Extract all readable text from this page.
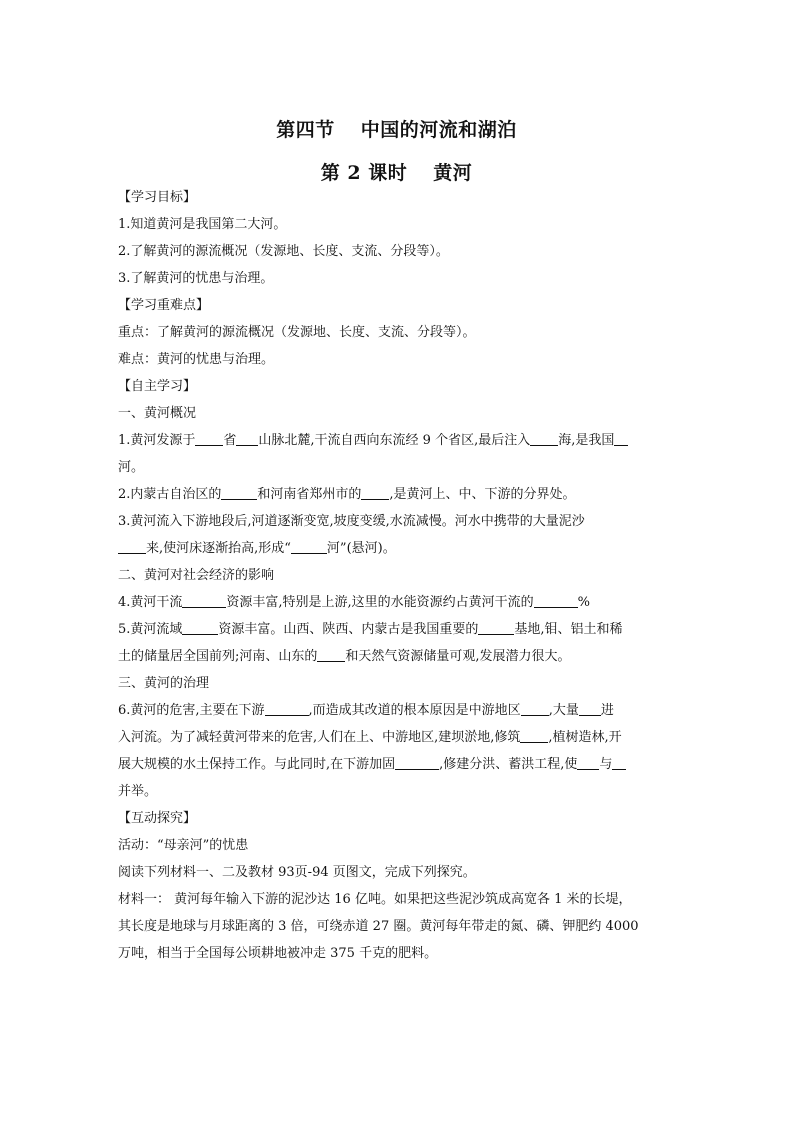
第四节 中国的河流和湖泊
第 2 课时 黄河

【学习目标】

1.知道黄河是我国第二大河。

2.了解黄河的源流概况（发源地、长度、支流、分段等）。

3.了解黄河的忧患与治理。

【学习重难点】

重点：了解黄河的源流概况（发源地、长度、支流、分段等）。

难点：黄河的忧患与治理。

【自主学习】

一、黄河概况

1.黄河发源于 省 山脉北麓,干流自西向东流经 9 个省区,最后注入 海,是我国

河。

2.内蒙古自治区的	和河南省郑州市的 ,是黄河上、中、下游的分界处。

3.黄河流入下游地段后,河道逐渐变宽,坡度变缓,水流减慢。河水中携带的大量泥沙

来,使河床逐渐抬高,形成“	河”(悬河)。

二、黄河对社会经济的影响

4.黄河干流	资源丰富,特别是上游,这里的水能资源约占黄河干流的	%

5.黄河流域	资源丰富。山西、陕西、内蒙古是我国重要的	基地,钼、铝土和稀

土的储量居全国前列;河南、山东的 和天然气资源储量可观,发展潜力很大。

三、黄河的治理

6.黄河的危害,主要在下游	,而造成其改道的根本原因是中游地区 ,大量 进

入河流。为了减轻黄河带来的危害,人们在上、中游地区,建坝淤地,修筑 ,植树造林,开

展大规模的水土保持工作。与此同时,在下游加固	,修建分洪、蓄洪工程,使 与

并举。

【互动探究】

活动：“母亲河”的忧患

阅读下列材料一、二及教材 93页-94 页图文，完成下列探究。

材料一： 黄河每年输入下游的泥沙达 16 亿吨。如果把这些泥沙筑成高宽各 1 米的长堤，

其长度是地球与月球距离的 3 倍，可绕赤道 27 圈。黄河每年带走的氮、磷、钾肥约 4000

万吨，相当于全国每公顷耕地被冲走 375 千克的肥料。
